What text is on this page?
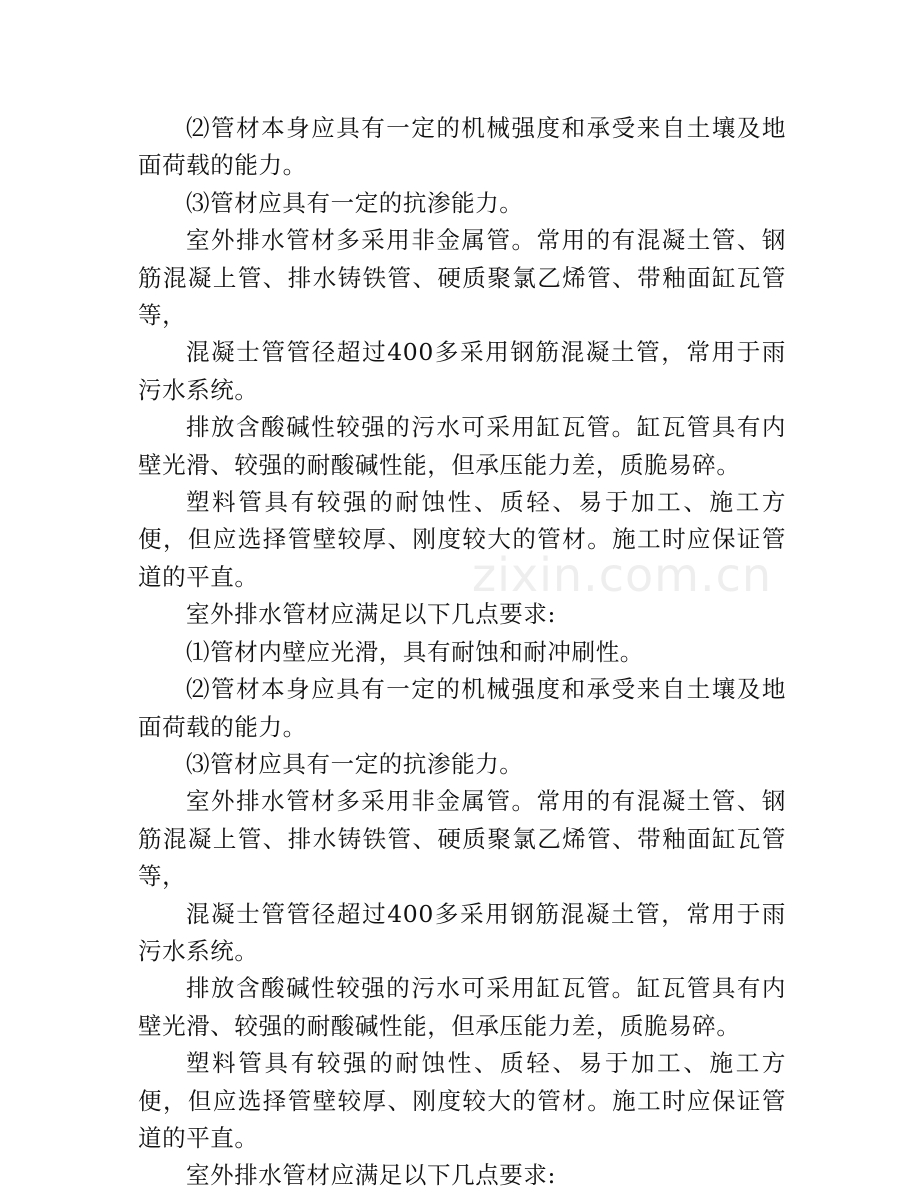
⑵管材本身应具有一定的机械强度和承受来自土壤及地面荷载的能力。

⑶管材应具有一定的抗渗能力。

室外排水管材多采用非金属管。常用的有混凝土管、钢筋混凝上管、排水铸铁管、硬质聚氯乙烯管、带釉面缸瓦管等，

混凝士管管径超过400多采用钢筋混凝土管，常用于雨污水系统。

排放含酸碱性较强的污水可采用缸瓦管。缸瓦管具有内壁光滑、较强的耐酸碱性能，但承压能力差，质脆易碎。

塑料管具有较强的耐蚀性、质轻、易于加工、施工方便，但应选择管壁较厚、刚度较大的管材。施工时应保证管道的平直。

室外排水管材应满足以下几点要求:

⑴管材内壁应光滑，具有耐蚀和耐冲刷性。

⑵管材本身应具有一定的机械强度和承受来自土壤及地面荷载的能力。

⑶管材应具有一定的抗渗能力。

室外排水管材多采用非金属管。常用的有混凝土管、钢筋混凝上管、排水铸铁管、硬质聚氯乙烯管、带釉面缸瓦管等，

混凝士管管径超过400多采用钢筋混凝土管，常用于雨污水系统。

排放含酸碱性较强的污水可采用缸瓦管。缸瓦管具有内壁光滑、较强的耐酸碱性能，但承压能力差，质脆易碎。

塑料管具有较强的耐蚀性、质轻、易于加工、施工方便，但应选择管壁较厚、刚度较大的管材。施工时应保证管道的平直。

室外排水管材应满足以下几点要求:

zixin.com.cn
